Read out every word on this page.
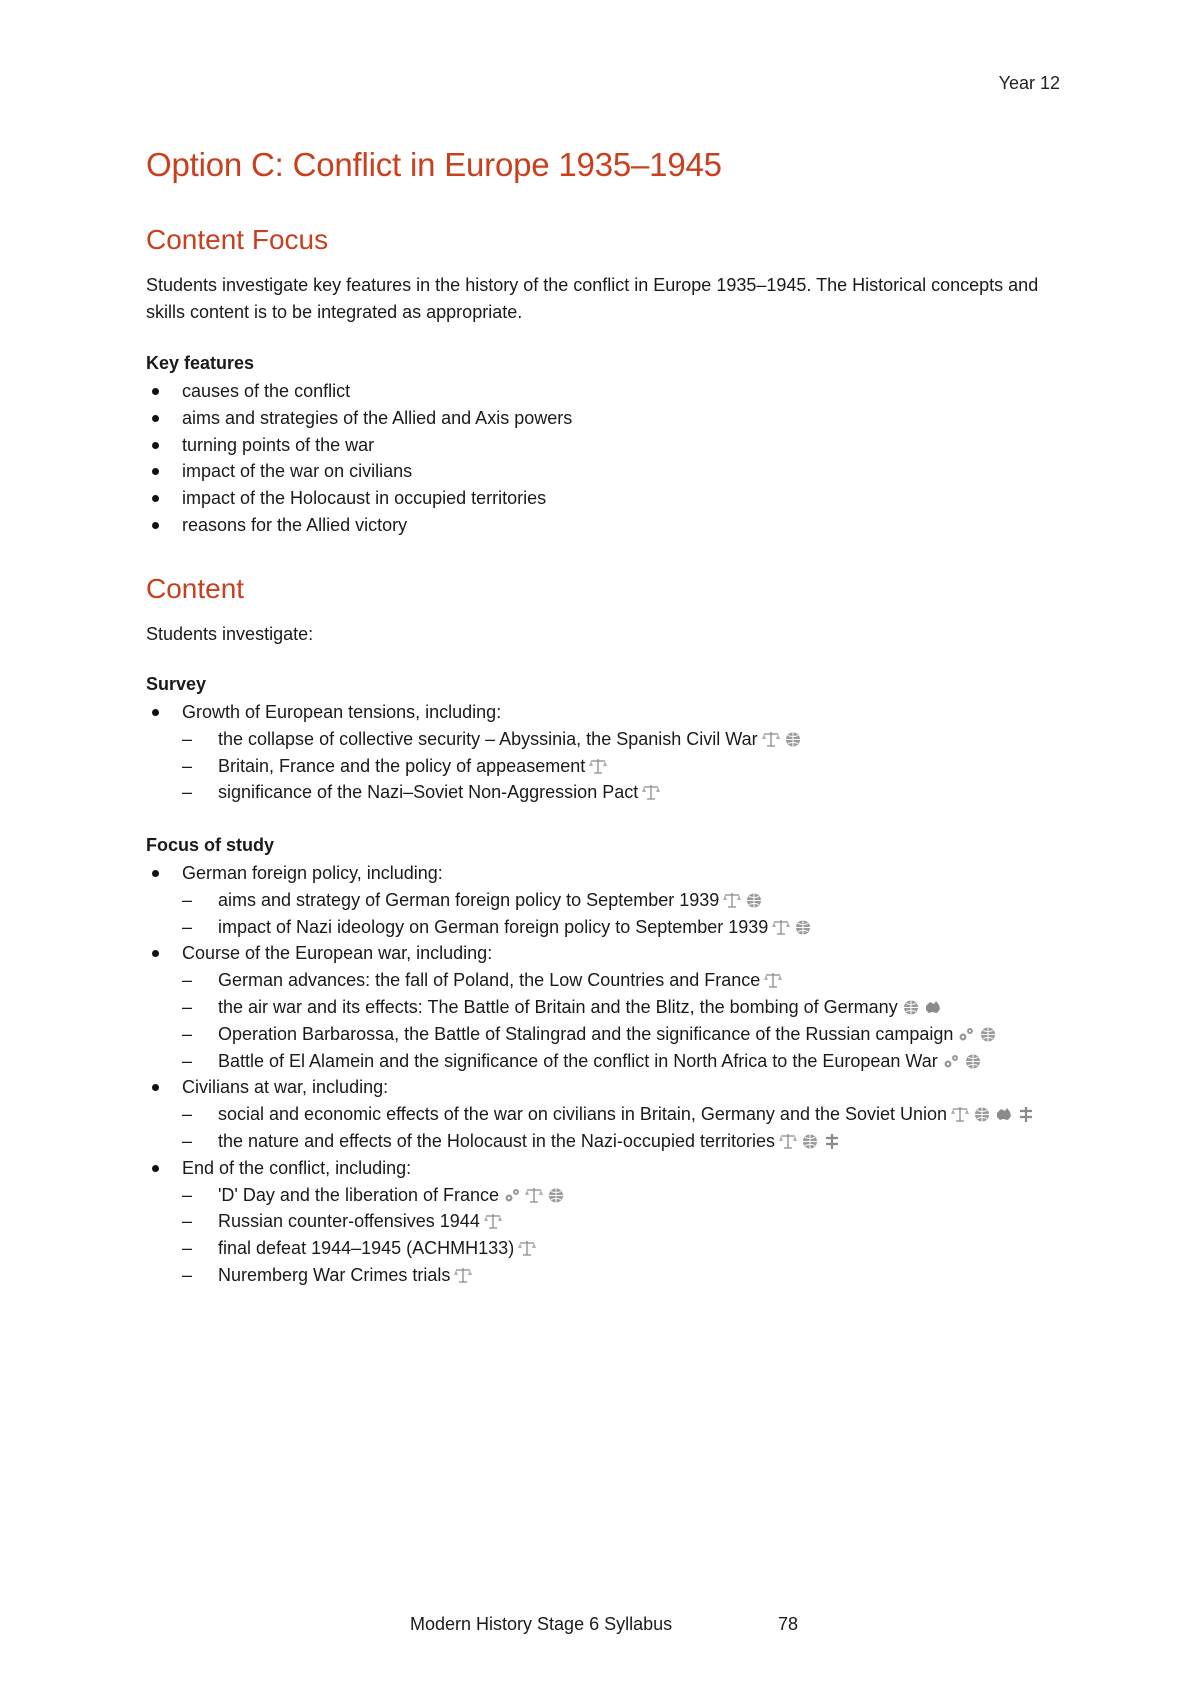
Year 12
Option C: Conflict in Europe 1935–1945
Content Focus

Students investigate key features in the history of the conflict in Europe 1935–1945. The Historical concepts and skills content is to be integrated as appropriate.

Key features

causes of the conflict
aims and strategies of the Allied and Axis powers
turning points of the war
impact of the war on civilians
impact of the Holocaust in occupied territories
reasons for the Allied victory
Content

Students investigate:

Survey

Growth of European tensions, including:
– the collapse of collective security – Abyssinia, the Spanish Civil War
– Britain, France and the policy of appeasement
– significance of the Nazi–Soviet Non-Aggression Pact

Focus of study

German foreign policy, including:
– aims and strategy of German foreign policy to September 1939
– impact of Nazi ideology on German foreign policy to September 1939
Course of the European war, including:
– German advances: the fall of Poland, the Low Countries and France
– the air war and its effects: The Battle of Britain and the Blitz, the bombing of Germany
– Operation Barbarossa, the Battle of Stalingrad and the significance of the Russian campaign
– Battle of El Alamein and the significance of the conflict in North Africa to the European War
Civilians at war, including:
– social and economic effects of the war on civilians in Britain, Germany and the Soviet Union
– the nature and effects of the Holocaust in the Nazi-occupied territories
End of the conflict, including:
– 'D' Day and the liberation of France
– Russian counter-offensives 1944
– final defeat 1944–1945 (ACHMH133)
– Nuremberg War Crimes trials
Modern History Stage 6 Syllabus	78
